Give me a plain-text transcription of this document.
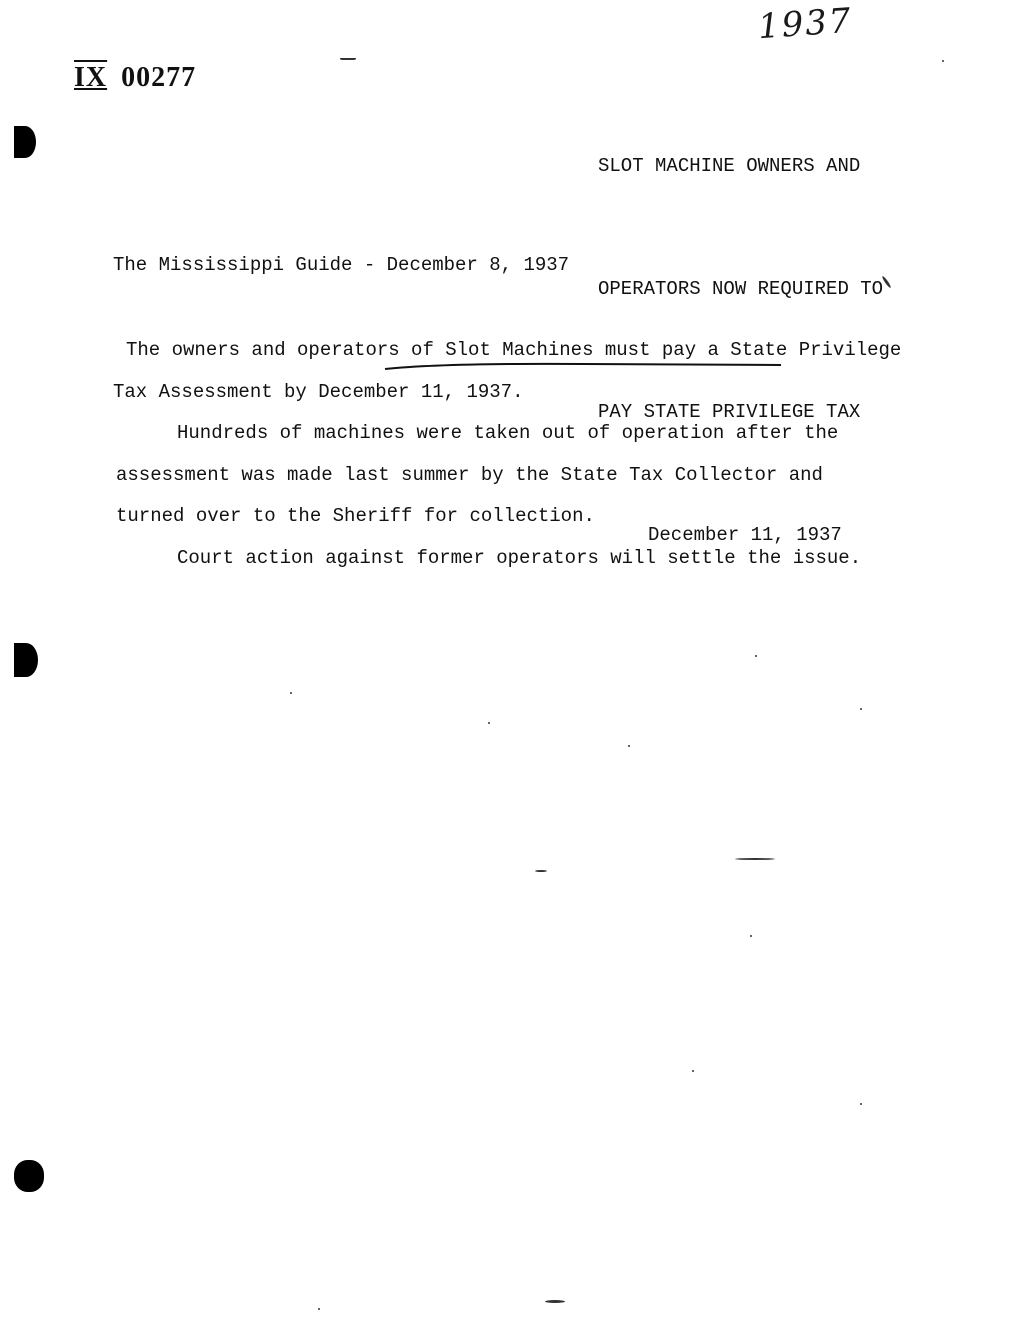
1937
IX 00277

SLOT MACHINE OWNERS AND

OPERATORS NOW REQUIRED TO

PAY STATE PRIVILEGE TAX

December 11, 1937

The Mississippi Guide - December 8, 1937

The owners and operators of Slot Machines must pay a State Privilege

Tax Assessment by December 11, 1937.

Hundreds of machines were taken out of operation after the

assessment was made last summer by the State Tax Collector and

turned over to the Sheriff for collection.

Court action against former operators will settle the issue.
